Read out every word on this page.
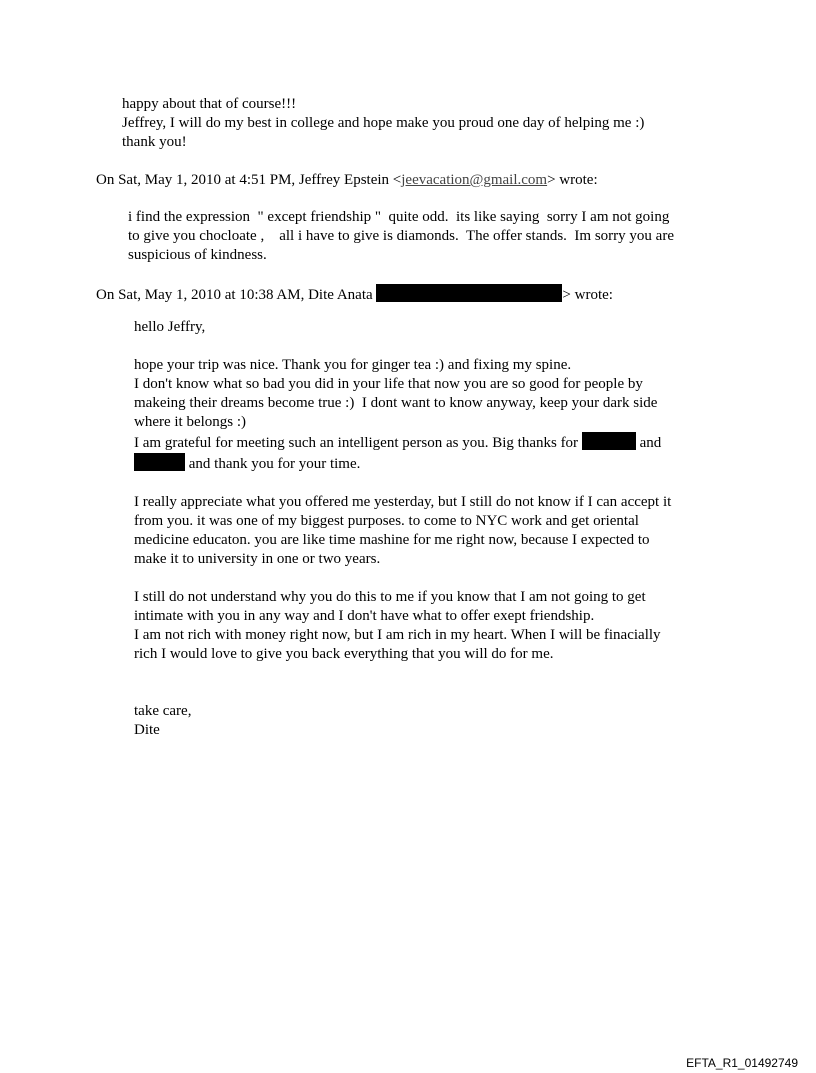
happy about that of course!!!

Jeffrey, I will do my best in college and hope make you proud one day of helping me :)

thank you!

On Sat, May 1, 2010 at 4:51 PM, Jeffrey Epstein <jeevacation@gmail.com> wrote:

i find the expression  " except friendship "  quite odd.  its like saying  sorry I am not going

to give you chocloate ,    all i have to give is diamonds.  The offer stands.  Im sorry you are

suspicious of kindness.

On Sat, May 1, 2010 at 10:38 AM, Dite Anata	> wrote:

hello Jeffry,

hope your trip was nice. Thank you for ginger tea :) and fixing my spine.

I don't know what so bad you did in your life that now you are so good for people by

makeing their dreams become true :)  I dont want to know anyway, keep your dark side

where it belongs :)

I am grateful for meeting such an intelligent person as you. Big thanks for	and

and thank you for your time.

I really appreciate what you offered me yesterday, but I still do not know if I can accept it

from you. it was one of my biggest purposes. to come to NYC work and get oriental

medicine educaton. you are like time mashine for me right now, because I expected to

make it to university in one or two years.

I still do not understand why you do this to me if you know that I am not going to get

intimate with you in any way and I don't have what to offer exept friendship.

I am not rich with money right now, but I am rich in my heart. When I will be finacially

rich I would love to give you back everything that you will do for me.

take care,

Dite

EFTA_R1_01492749
